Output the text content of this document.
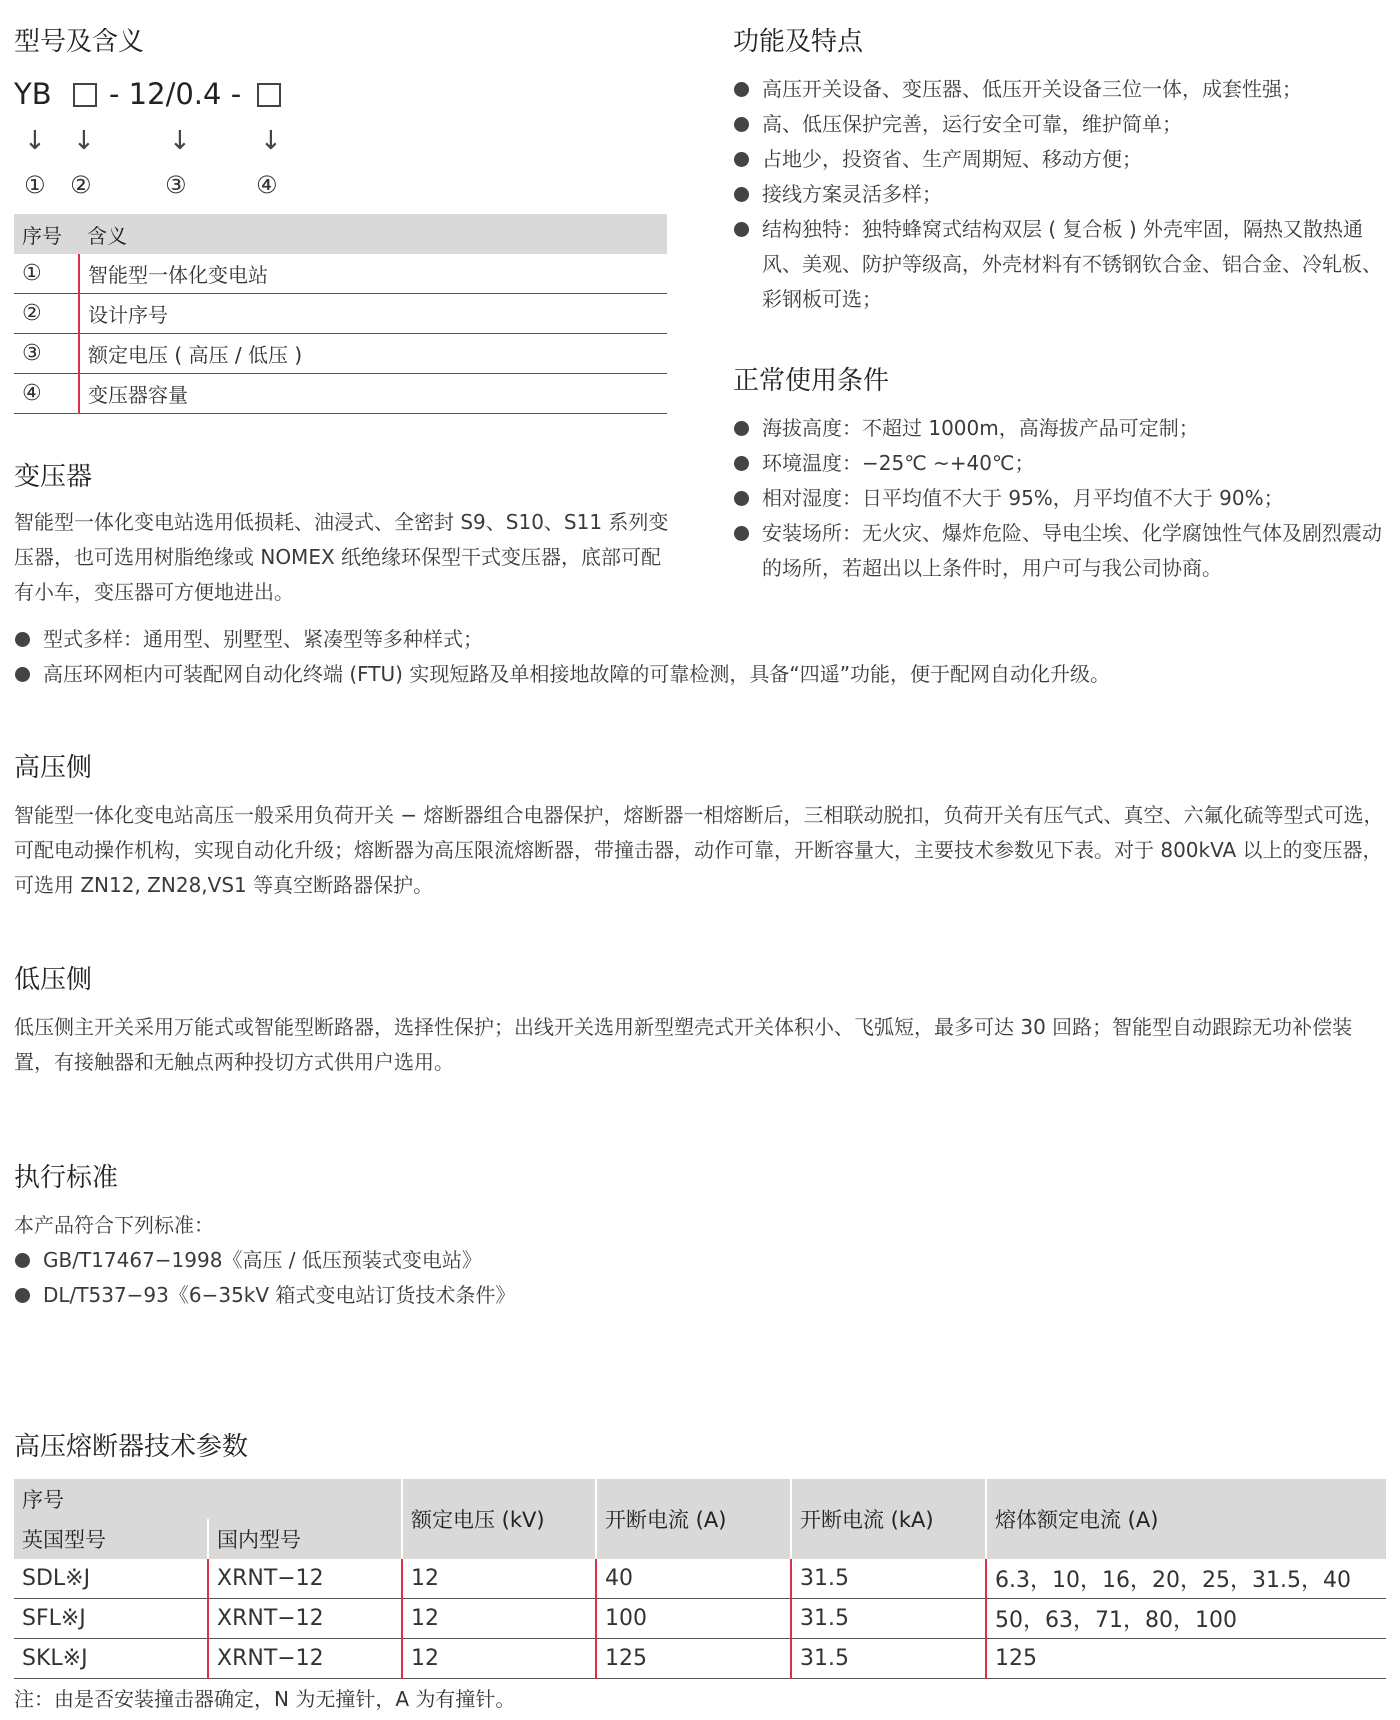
型号及含义
YB - 12/0.4 -
↓ ↓	↓	↓
① ②	③	④
序号	含义
①	智能型一体化变电站
②	设计序号
③	额定电压 ( 高压 / 低压 )
④	变压器容量
变压器

智能型一体化变电站选用低损耗、油浸式、全密封 S9、S10、S11 系列变压器，也可选用树脂绝缘或 NOMEX 纸绝缘环保型干式变压器，底部可配有小车，变压器可方便地进出。

型式多样：通用型、别墅型、紧凑型等多种样式；
高压环网柜内可装配网自动化终端 (FTU) 实现短路及单相接地故障的可靠检测，具备“四遥”功能，便于配网自动化升级。
功能及特点
高压开关设备、变压器、低压开关设备三位一体，成套性强；
高、低压保护完善，运行安全可靠，维护简单；
占地少，投资省、生产周期短、移动方便；
接线方案灵活多样；
结构独特：独特蜂窝式结构双层 ( 复合板 ) 外壳牢固，隔热又散热通风、美观、防护等级高，外壳材料有不锈钢钦合金、铝合金、冷轧板、彩钢板可选；
正常使用条件
海拔高度：不超过 1000m，高海拔产品可定制；
环境温度：−25℃ ~+40℃；
相对湿度：日平均值不大于 95%，月平均值不大于 90%；
安装场所：无火灾、爆炸危险、导电尘埃、化学腐蚀性气体及剧烈震动的场所，若超出以上条件时，用户可与我公司协商。
高压侧

智能型一体化变电站高压一般采用负荷开关 − 熔断器组合电器保护，熔断器一相熔断后，三相联动脱扣，负荷开关有压气式、真空、六氟化硫等型式可选，可配电动操作机构，实现自动化升级；熔断器为高压限流熔断器，带撞击器，动作可靠，开断容量大，主要技术参数见下表。对于 800kVA 以上的变压器，可选用 ZN12, ZN28,VS1 等真空断路器保护。

低压侧

低压侧主开关采用万能式或智能型断路器，选择性保护；出线开关选用新型塑壳式开关体积小、飞弧短，最多可达 30 回路；智能型自动跟踪无功补偿装置，有接触器和无触点两种投切方式供用户选用。

执行标准

本产品符合下列标准：

GB/T17467−1998《高压 / 低压预装式变电站》
DL/T537−93《6−35kV 箱式变电站订货技术条件》
高压熔断器技术参数
序号		额定电压 (kV)	开断电流 (A)	开断电流 (kA)	熔体额定电流 (A)
英国型号	国内型号				
SDL※J	XRNT−12	12	40	31.5	6.3，10，16，20，25，31.5，40
SFL※J	XRNT−12	12	100	31.5	50，63，71，80，100
SKL※J	XRNT−12	12	125	31.5	125
注：由是否安装撞击器确定，N 为无撞针，A 为有撞针。
